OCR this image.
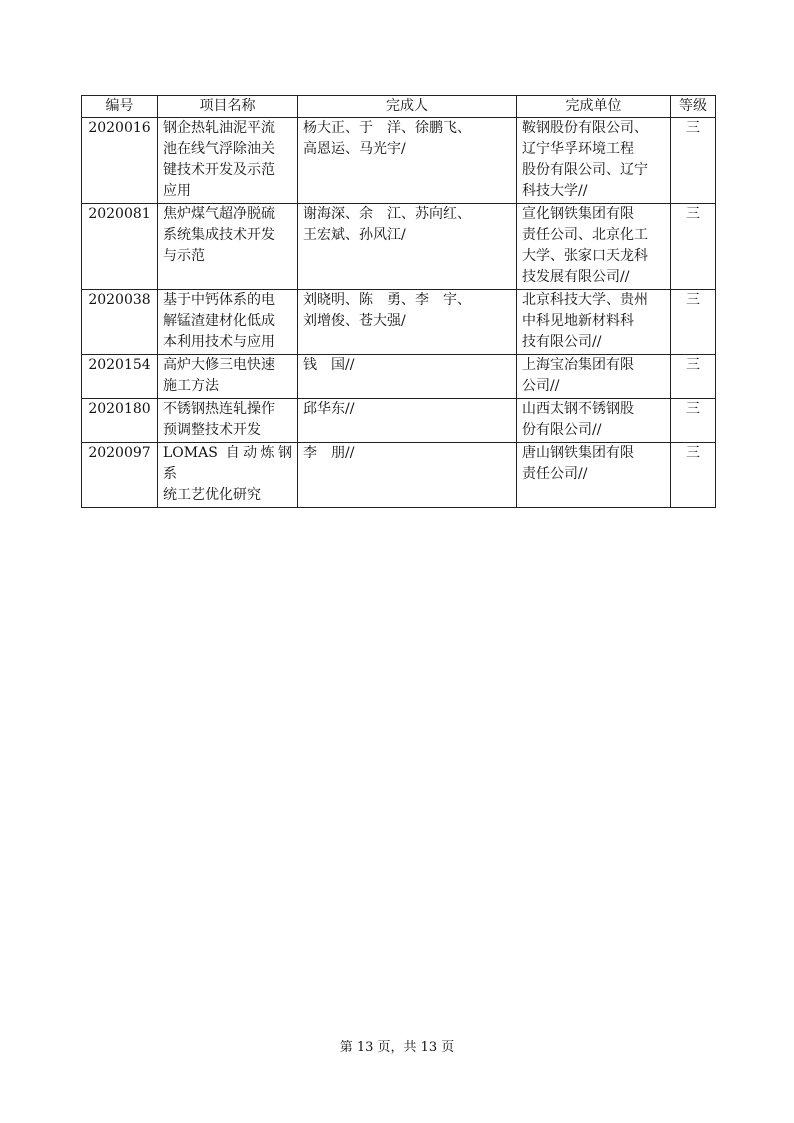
编号	项目名称	完成人	完成单位	等级

2020016	钢企热轧油泥平流
池在线气浮除油关
键技术开发及示范
应用	杨大正、于　洋、徐鹏飞、
高恩运、马光宇/	鞍钢股份有限公司、
辽宁华孚环境工程
股份有限公司、辽宁
科技大学//	三

2020081	焦炉煤气超净脱硫
系统集成技术开发
与示范	谢海深、余　江、苏向红、
王宏斌、孙风江/	宣化钢铁集团有限
责任公司、北京化工
大学、张家口天龙科
技发展有限公司//	三

2020038	基于中钙体系的电
解锰渣建材化低成
本利用技术与应用	刘晓明、陈　勇、李　宇、
刘增俊、苍大强/	北京科技大学、贵州
中科见地新材料科
技有限公司//	三

2020154	高炉大修三电快速
施工方法	钱　国//	上海宝冶集团有限
公司//	三

2020180	不锈钢热连轧操作
预调整技术开发	邱华东//	山西太钢不锈钢股
份有限公司//	三

2020097	LOMAS 自动炼钢系
统工艺优化研究	李　朋//	唐山钢铁集团有限
责任公司//	三
第 13 页，共 13 页
